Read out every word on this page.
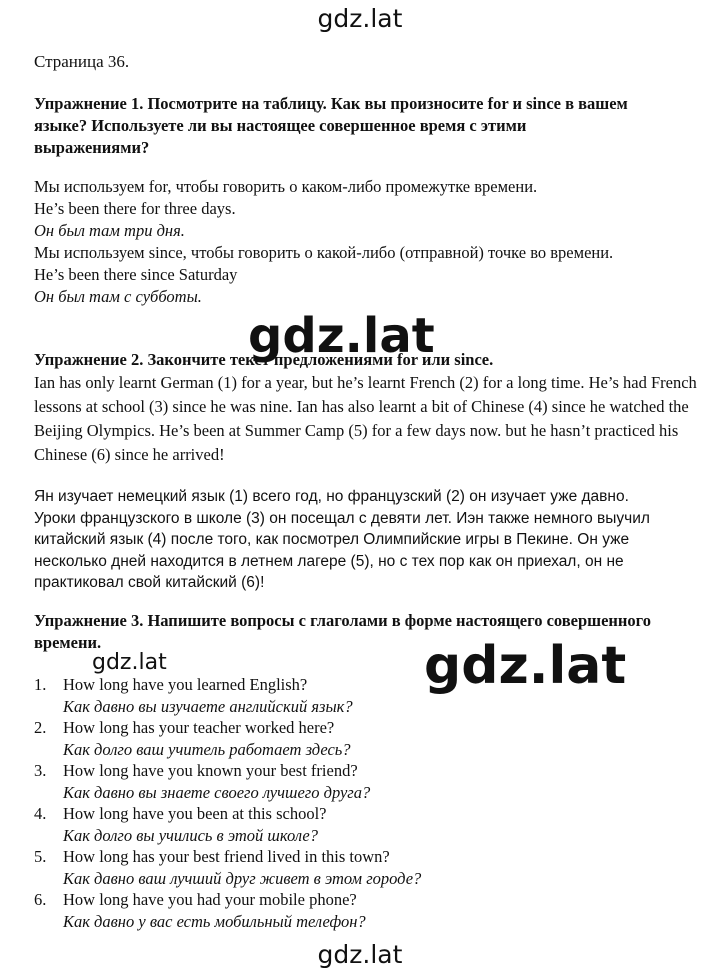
gdz.lat
Страница 36.
Упражнение 1. Посмотрите на таблицу. Как вы произносите for и since в вашем языке? Используете ли вы настоящее совершенное время с этими выражениями?
Мы используем for, чтобы говорить о каком-либо промежутке времени.
He’s been there for three days.
Он был там три дня.
Мы используем since, чтобы говорить о какой-либо (отправной) точке во времени.
He’s been there since Saturday
Он был там с субботы.
gdz.lat
Упражнение 2. Закончите текст предложениями for или since.
Ian has only learnt German (1) for a year, but he’s learnt French (2) for a long time. He’s had French lessons at school (3) since he was nine. Ian has also learnt a bit of Chinese (4) since he watched the Beijing Olympics. He’s been at Summer Camp (5) for a few days now. but he hasn’t practiced his Chinese (6) since he arrived!
Ян изучает немецкий язык (1) всего год, но французский (2) он изучает уже давно. Уроки французского в школе (3) он посещал с девяти лет. Иэн также немного выучил китайский язык (4) после того, как посмотрел Олимпийские игры в Пекине. Он уже несколько дней находится в летнем лагере (5), но с тех пор как он приехал, он не практиковал свой китайский (6)!
Упражнение 3. Напишите вопросы с глаголами в форме настоящего совершенного времени.
gdz.lat	gdz.lat
1. How long have you learned English?
Как давно вы изучаете английский язык?
2. How long has your teacher worked here?
Как долго ваш учитель работает здесь?
3. How long have you known your best friend?
Как давно вы знаете своего лучшего друга?
4. How long have you been at this school?
Как долго вы учились в этой школе?
5. How long has your best friend lived in this town?
Как давно ваш лучший друг живет в этом городе?
6. How long have you had your mobile phone?
Как давно у вас есть мобильный телефон?
gdz.lat
